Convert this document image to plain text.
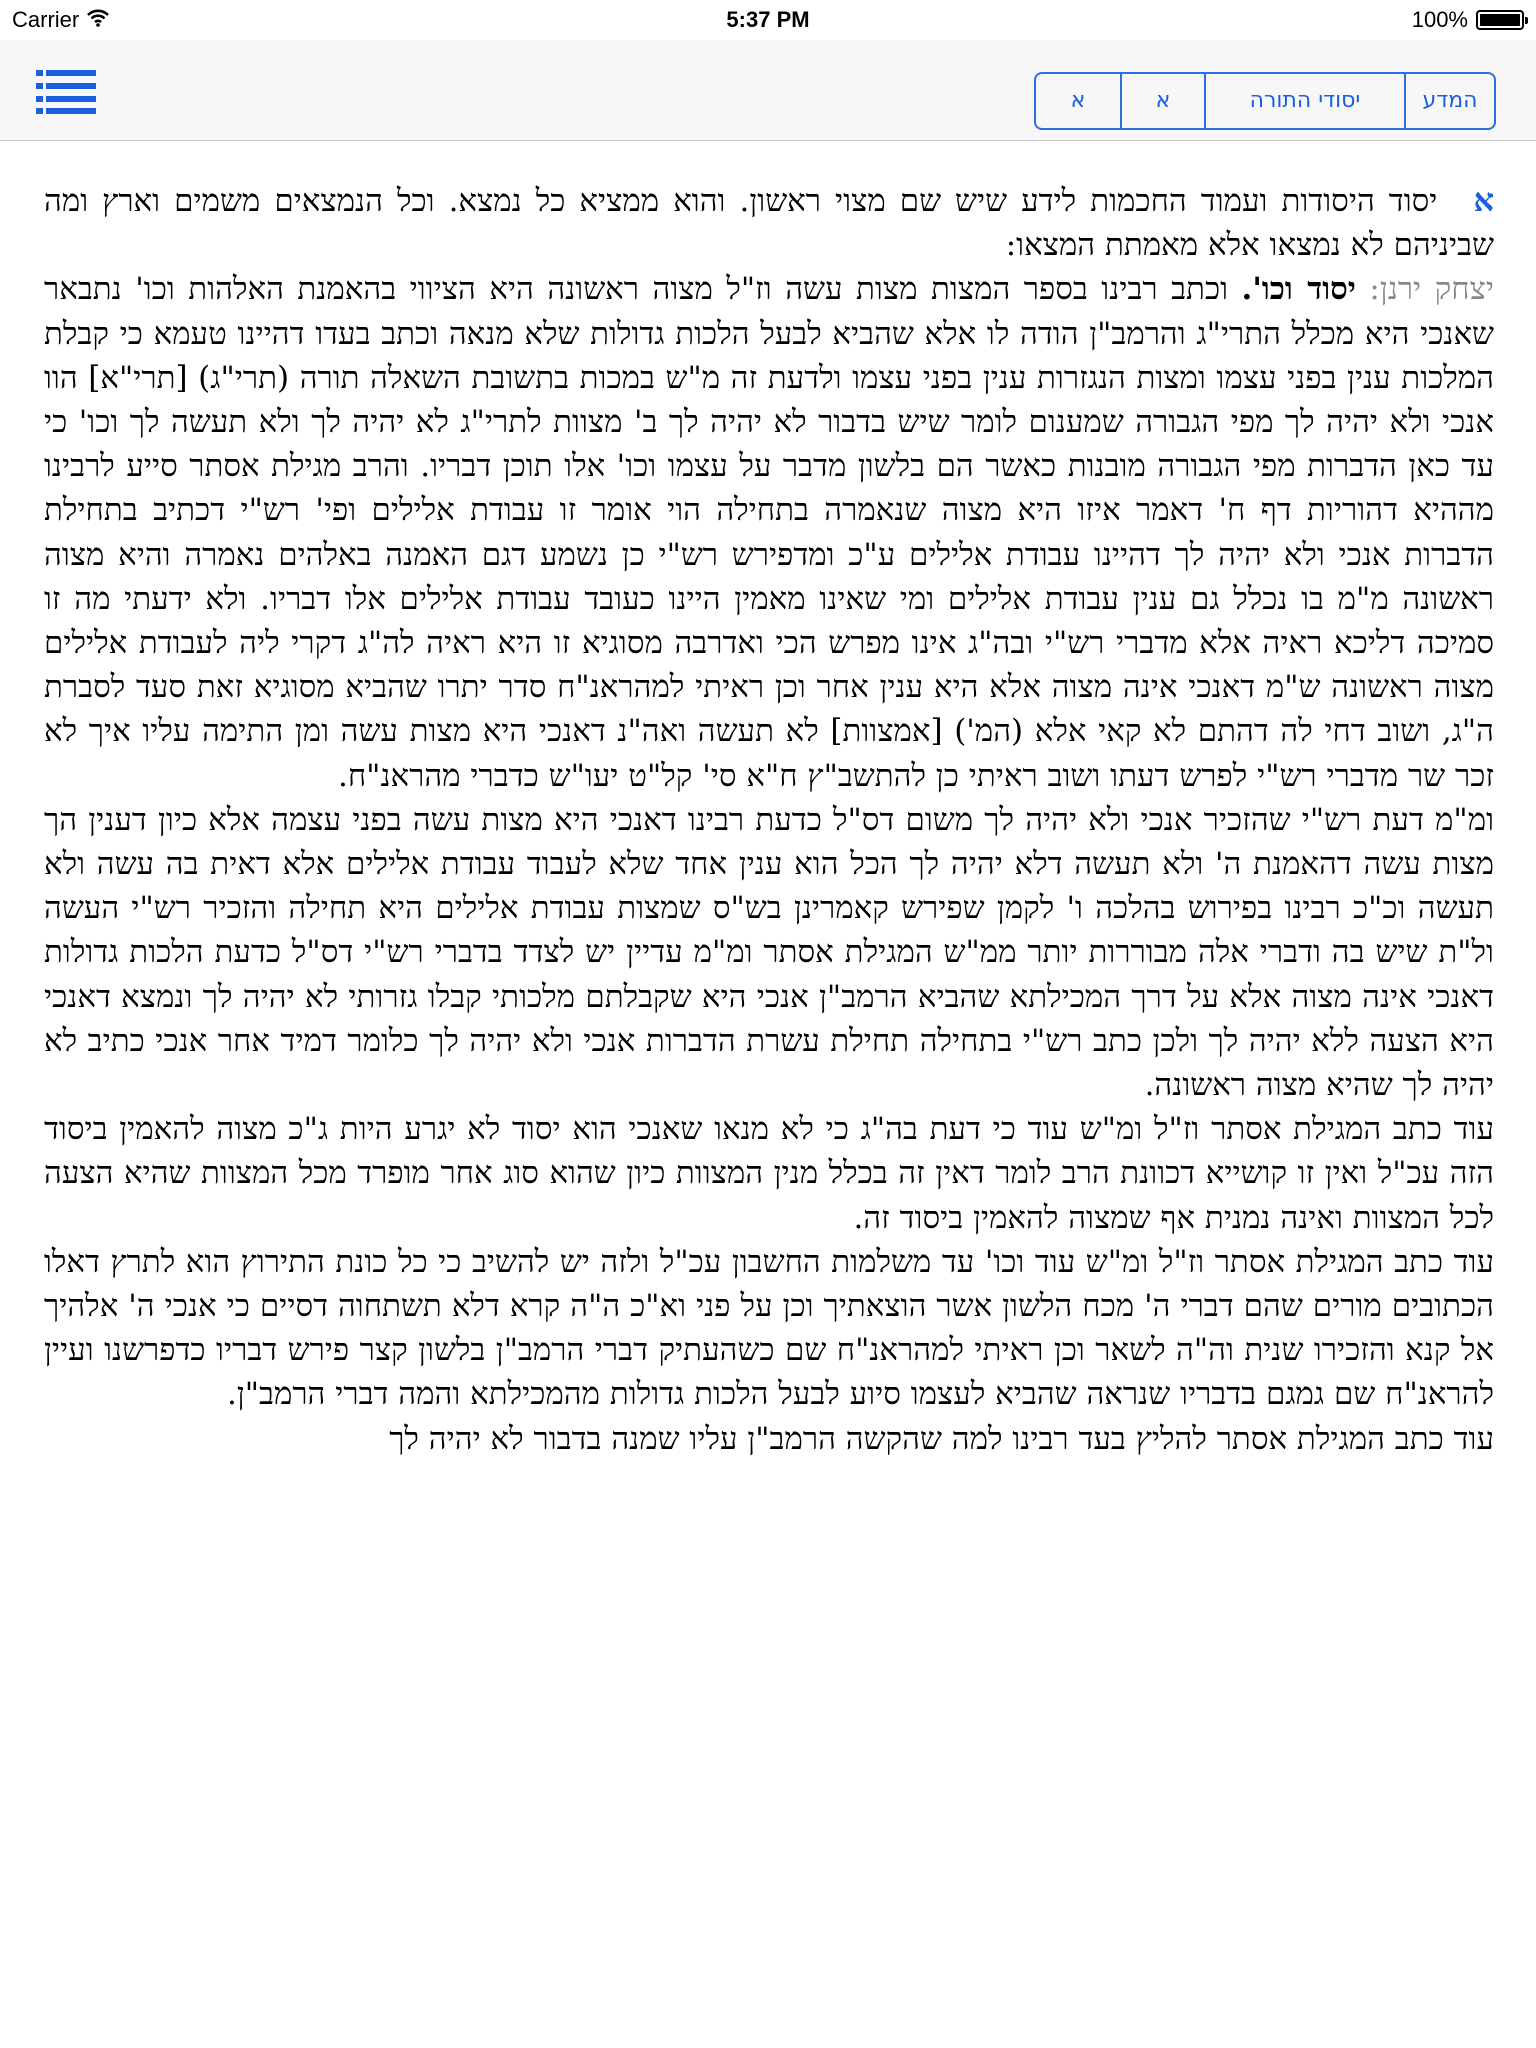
Carrier	5:37 PM	100%
המדע
יסודי התורה
א
א

א יסוד היסודות ועמוד החכמות לידע שיש שם מצוי ראשון. והוא ממציא כל נמצא. וכל הנמצאים משמים וארץ ומה שביניהם לא נמצאו אלא מאמתת המצאו:

יצחק ירנן: יסוד וכו'. וכתב רבינו בספר המצות מצות עשה וז"ל מצוה ראשונה היא הציווי בהאמנת האלהות וכו' נתבאר שאנכי היא מכלל התרי"ג והרמב"ן הודה לו אלא שהביא לבעל הלכות גדולות שלא מנאה וכתב בעדו דהיינו טעמא כי קבלת המלכות ענין בפני עצמו ומצות הנגזרות ענין בפני עצמו ולדעת זה מ"ש במכות בתשובת השאלה תורה (תרי"ג) [תרי"א] הוו אנכי ולא יהיה לך מפי הגבורה שמענום לומר שיש בדבור לא יהיה לך ב' מצוות לתרי"ג לא יהיה לך ולא תעשה לך וכו' כי עד כאן הדברות מפי הגבורה מובנות כאשר הם בלשון מדבר על עצמו וכו' אלו תוכן דבריו. והרב מגילת אסתר סייע לרבינו מההיא דהוריות דף ח' דאמר איזו היא מצוה שנאמרה בתחילה הוי אומר זו עבודת אלילים ופי' רש"י דכתיב בתחילת הדברות אנכי ולא יהיה לך דהיינו עבודת אלילים ע"כ ומדפירש רש"י כן נשמע דגם האמנה באלהים נאמרה והיא מצוה ראשונה מ"מ בו נכלל גם ענין עבודת אלילים ומי שאינו מאמין היינו כעובד עבודת אלילים אלו דבריו. ולא ידעתי מה זו סמיכה דליכא ראיה אלא מדברי רש"י ובה"ג אינו מפרש הכי ואדרבה מסוגיא זו היא ראיה לה"ג דקרי ליה לעבודת אלילים מצוה ראשונה ש"מ דאנכי אינה מצוה אלא היא ענין אחר וכן ראיתי למהראנ"ח סדר יתרו שהביא מסוגיא זאת סעד לסברת ה"ג, ושוב דחי לה דהתם לא קאי אלא (המ') [אמצוות] לא תעשה ואה"נ דאנכי היא מצות עשה ומן התימה עליו איך לא זכר שר מדברי רש"י לפרש דעתו ושוב ראיתי כן להתשב"ץ ח"א סי' קל"ט יעו"ש כדברי מהראנ"ח.

ומ"מ דעת רש"י שהזכיר אנכי ולא יהיה לך משום דס"ל כדעת רבינו דאנכי היא מצות עשה בפני עצמה אלא כיון דענין הך מצות עשה דהאמנת ה' ולא תעשה דלא יהיה לך הכל הוא ענין אחד שלא לעבוד עבודת אלילים אלא דאית בה עשה ולא תעשה וכ"כ רבינו בפירוש בהלכה ו' לקמן שפירש קאמרינן בש"ס שמצות עבודת אלילים היא תחילה והזכיר רש"י העשה ול"ת שיש בה ודברי אלה מבוררות יותר ממ"ש המגילת אסתר ומ"מ עדיין יש לצדד בדברי רש"י דס"ל כדעת הלכות גדולות דאנכי אינה מצוה אלא על דרך המכילתא שהביא הרמב"ן אנכי היא שקבלתם מלכותי קבלו גזרותי לא יהיה לך ונמצא דאנכי היא הצעה ללא יהיה לך ולכן כתב רש"י בתחילה תחילת עשרת הדברות אנכי ולא יהיה לך כלומר דמיד אחר אנכי כתיב לא יהיה לך שהיא מצוה ראשונה.

עוד כתב המגילת אסתר וז"ל ומ"ש עוד כי דעת בה"ג כי לא מנאו שאנכי הוא יסוד לא יגרע היות ג"כ מצוה להאמין ביסוד הזה עכ"ל ואין זו קושייא דכוונת הרב לומר דאין זה בכלל מנין המצוות כיון שהוא סוג אחר מופרד מכל המצוות שהיא הצעה לכל המצוות ואינה נמנית אף שמצוה להאמין ביסוד זה.

עוד כתב המגילת אסתר וז"ל ומ"ש עוד וכו' עד משלמות החשבון עכ"ל ולזה יש להשיב כי כל כונת התירוץ הוא לתרץ דאלו הכתובים מורים שהם דברי ה' מכח הלשון אשר הוצאתיך וכן על פני וא"כ ה"ה קרא דלא תשתחוה דסיים כי אנכי ה' אלהיך אל קנא והזכירו שנית וה"ה לשאר וכן ראיתי למהראנ"ח שם כשהעתיק דברי הרמב"ן בלשון קצר פירש דבריו כדפרשנו ועיין להראנ"ח שם גמגם בדבריו שנראה שהביא לעצמו סיוע לבעל הלכות גדולות מהמכילתא והמה דברי הרמב"ן.

עוד כתב המגילת אסתר להליץ בעד רבינו למה שהקשה הרמב"ן עליו שמנה בדבור לא יהיה לך
